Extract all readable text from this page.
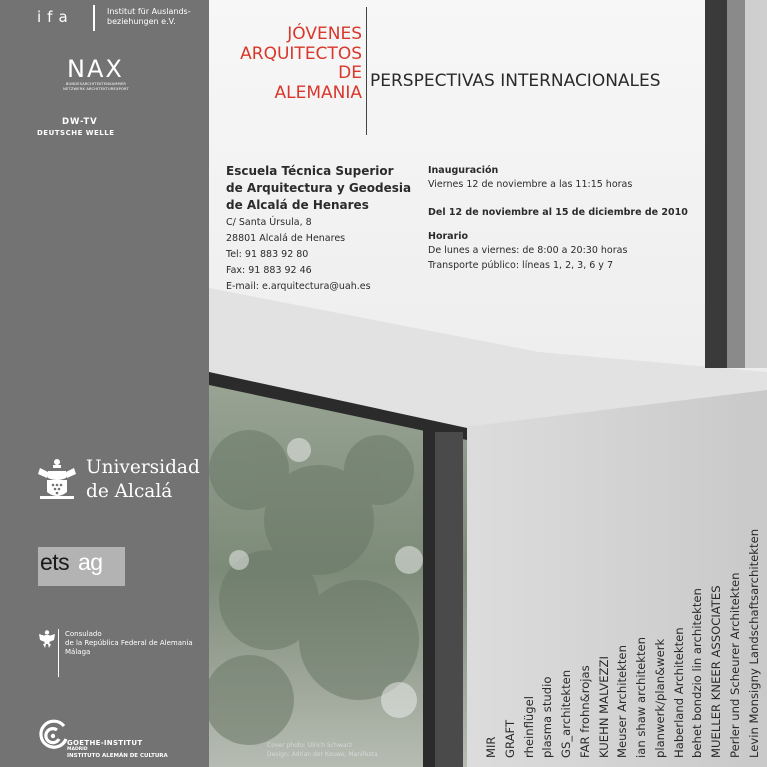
ifa	Institut für Auslands-
beziehungen e.V.
NAX
BUNDESARCHITEKTENKAMMER
NETZWERK ARCHITEKTUREXPORT
DW-TV
DEUTSCHE WELLE
Universidad
de Alcalá
ets ag
Consulado
de la República Federal de Alemania
Málaga
GOETHE-INSTITUT
MADRID
INSTITUTO ALEMÁN DE CULTURA
JÓVENES
ARQUITECTOS
DE
ALEMANIA
PERSPECTIVAS INTERNACIONALES
Escuela Técnica Superior
de Arquitectura y Geodesia
de Alcalá de Henares
C/ Santa Úrsula, 8
28801 Alcalá de Henares
Tel: 91 883 92 80
Fax: 91 883 92 46
E-mail: e.arquitectura@uah.es
Inauguración
Viernes 12 de noviembre a las 11:15 horas
Del 12 de noviembre al 15 de diciembre de 2010
Horario
De lunes a viernes: de 8:00 a 20:30 horas
Transporte público: líneas 1, 2, 3, 6 y 7
MIR GRAFT rheinflügel plasma studio GS_architekten FAR frohn&rojas KUEHN MALVEZZI Meuser Architekten ian shaw architekten planwerk/plan&werk Haberland Architekten behet bondzio lin architekten MUELLER KNEER ASSOCIATES Perler und Scheurer Architekten Levin Monsigny Landschaftsarchitekten
Cover photo: Ulrich Schwarz
Design: Adrian der Kouwe, Manifesta
